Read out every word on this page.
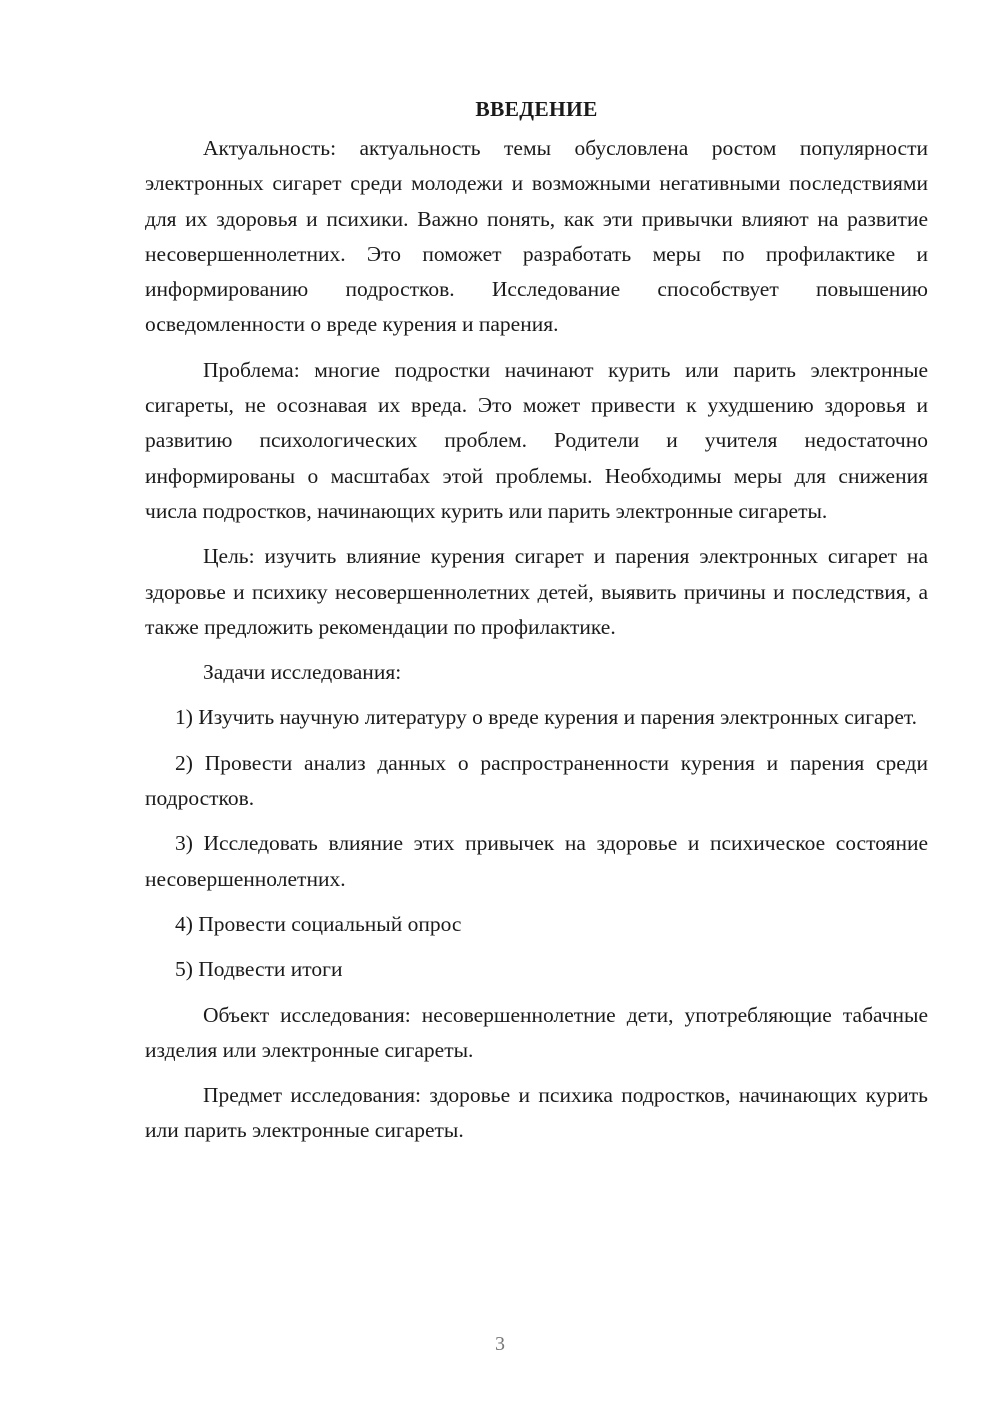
ВВЕДЕНИЕ

Актуальность: актуальность темы обусловлена ростом популярности электронных сигарет среди молодежи и возможными негативными последствиями для их здоровья и психики. Важно понять, как эти привычки влияют на развитие несовершеннолетних. Это поможет разработать меры по профилактике и информированию подростков. Исследование способствует повышению осведомленности о вреде курения и парения.

Проблема: многие подростки начинают курить или парить электронные сигареты, не осознавая их вреда. Это может привести к ухудшению здоровья и развитию психологических проблем. Родители и учителя недостаточно информированы о масштабах этой проблемы. Необходимы меры для снижения числа подростков, начинающих курить или парить электронные сигареты.

Цель: изучить влияние курения сигарет и парения электронных сигарет на здоровье и психику несовершеннолетних детей, выявить причины и последствия, а также предложить рекомендации по профилактике.

Задачи исследования:

1) Изучить научную литературу о вреде курения и парения электронных сигарет.

2) Провести анализ данных о распространенности курения и парения среди подростков.

3) Исследовать влияние этих привычек на здоровье и психическое состояние несовершеннолетних.

4) Провести социальный опрос

5) Подвести итоги

Объект исследования: несовершеннолетние дети, употребляющие табачные изделия или электронные сигареты.

Предмет исследования: здоровье и психика подростков, начинающих курить или парить электронные сигареты.

3
